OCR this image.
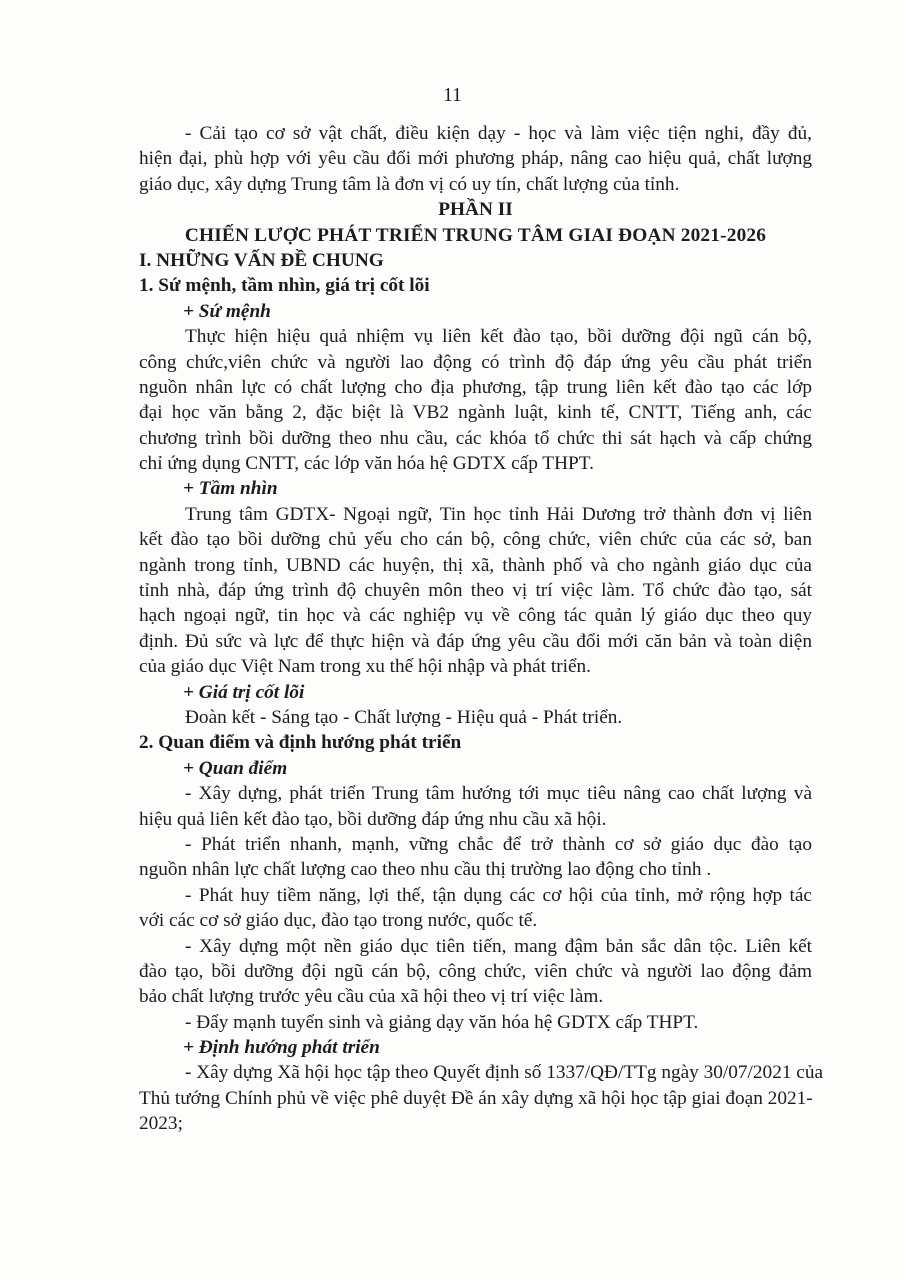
11
- Cải tạo cơ sở vật chất, điều kiện dạy - học và làm việc tiện nghi, đầy đủ,
hiện đại, phù hợp với yêu cầu đổi mới phương pháp, nâng cao hiệu quả, chất lượng
giáo dục, xây dựng Trung tâm là đơn vị có uy tín, chất lượng của tỉnh.
PHẦN II
CHIẾN LƯỢC PHÁT TRIỂN TRUNG TÂM GIAI ĐOẠN 2021-2026
I. NHỮNG VẤN ĐỀ CHUNG
1. Sứ mệnh, tầm nhìn, giá trị cốt lõi
+ Sứ mệnh
Thực hiện hiệu quả nhiệm vụ liên kết đào tạo, bồi dưỡng đội ngũ cán bộ,
công chức,viên chức và người lao động có trình độ đáp ứng yêu cầu phát triển
nguồn nhân lực có chất lượng cho địa phương, tập trung liên kết đào tạo các lớp
đại học văn bằng 2, đặc biệt là VB2 ngành luật, kinh tế, CNTT, Tiếng anh, các
chương trình bồi dưỡng theo nhu cầu, các khóa tổ chức thi sát hạch và cấp chứng
chỉ ứng dụng CNTT, các lớp văn hóa hệ GDTX cấp THPT.
+ Tầm nhìn
Trung tâm GDTX- Ngoại ngữ, Tin học tỉnh Hải Dương trở thành đơn vị liên
kết đào tạo bồi dưỡng chủ yếu cho cán bộ, công chức, viên chức của các sở, ban
ngành trong tỉnh, UBND các huyện, thị xã, thành phố và cho ngành giáo dục của
tỉnh nhà, đáp ứng trình độ chuyên môn theo vị trí việc làm. Tổ chức đào tạo, sát
hạch ngoại ngữ, tin học và các nghiệp vụ về công tác quản lý giáo dục theo quy
định. Đủ sức và lực để thực hiện và đáp ứng yêu cầu đổi mới căn bản và toàn diện
của giáo dục Việt Nam trong xu thế hội nhập và phát triển.
+ Giá trị cốt lõi
Đoàn kết - Sáng tạo - Chất lượng - Hiệu quả - Phát triển.
2. Quan điểm và định hướng phát triển
+ Quan điểm
- Xây dựng, phát triển Trung tâm hướng tới mục tiêu nâng cao chất lượng và
hiệu quả liên kết đào tạo, bồi dưỡng đáp ứng nhu cầu xã hội.
- Phát triển nhanh, mạnh, vững chắc để trở thành cơ sở giáo dục đào tạo
nguồn nhân lực chất lượng cao theo nhu cầu thị trường lao động cho tỉnh .
- Phát huy tiềm năng, lợi thế, tận dụng các cơ hội của tỉnh, mở rộng hợp tác
với các cơ sở giáo dục, đào tạo trong nước, quốc tế.
- Xây dựng một nền giáo dục tiên tiến, mang đậm bản sắc dân tộc. Liên kết
đào tạo, bồi dưỡng đội ngũ cán bộ, công chức, viên chức và người lao động đảm
bảo chất lượng trước yêu cầu của xã hội theo vị trí việc làm.
- Đẩy mạnh tuyển sinh và giảng dạy văn hóa hệ GDTX cấp THPT.
+ Định hướng phát triển
- Xây dựng Xã hội học tập theo Quyết định số 1337/QĐ/TTg ngày 30/07/2021 của
Thủ tướng Chính phủ về việc phê duyệt Đề án xây dựng xã hội học tập giai đoạn 2021-
2023;
